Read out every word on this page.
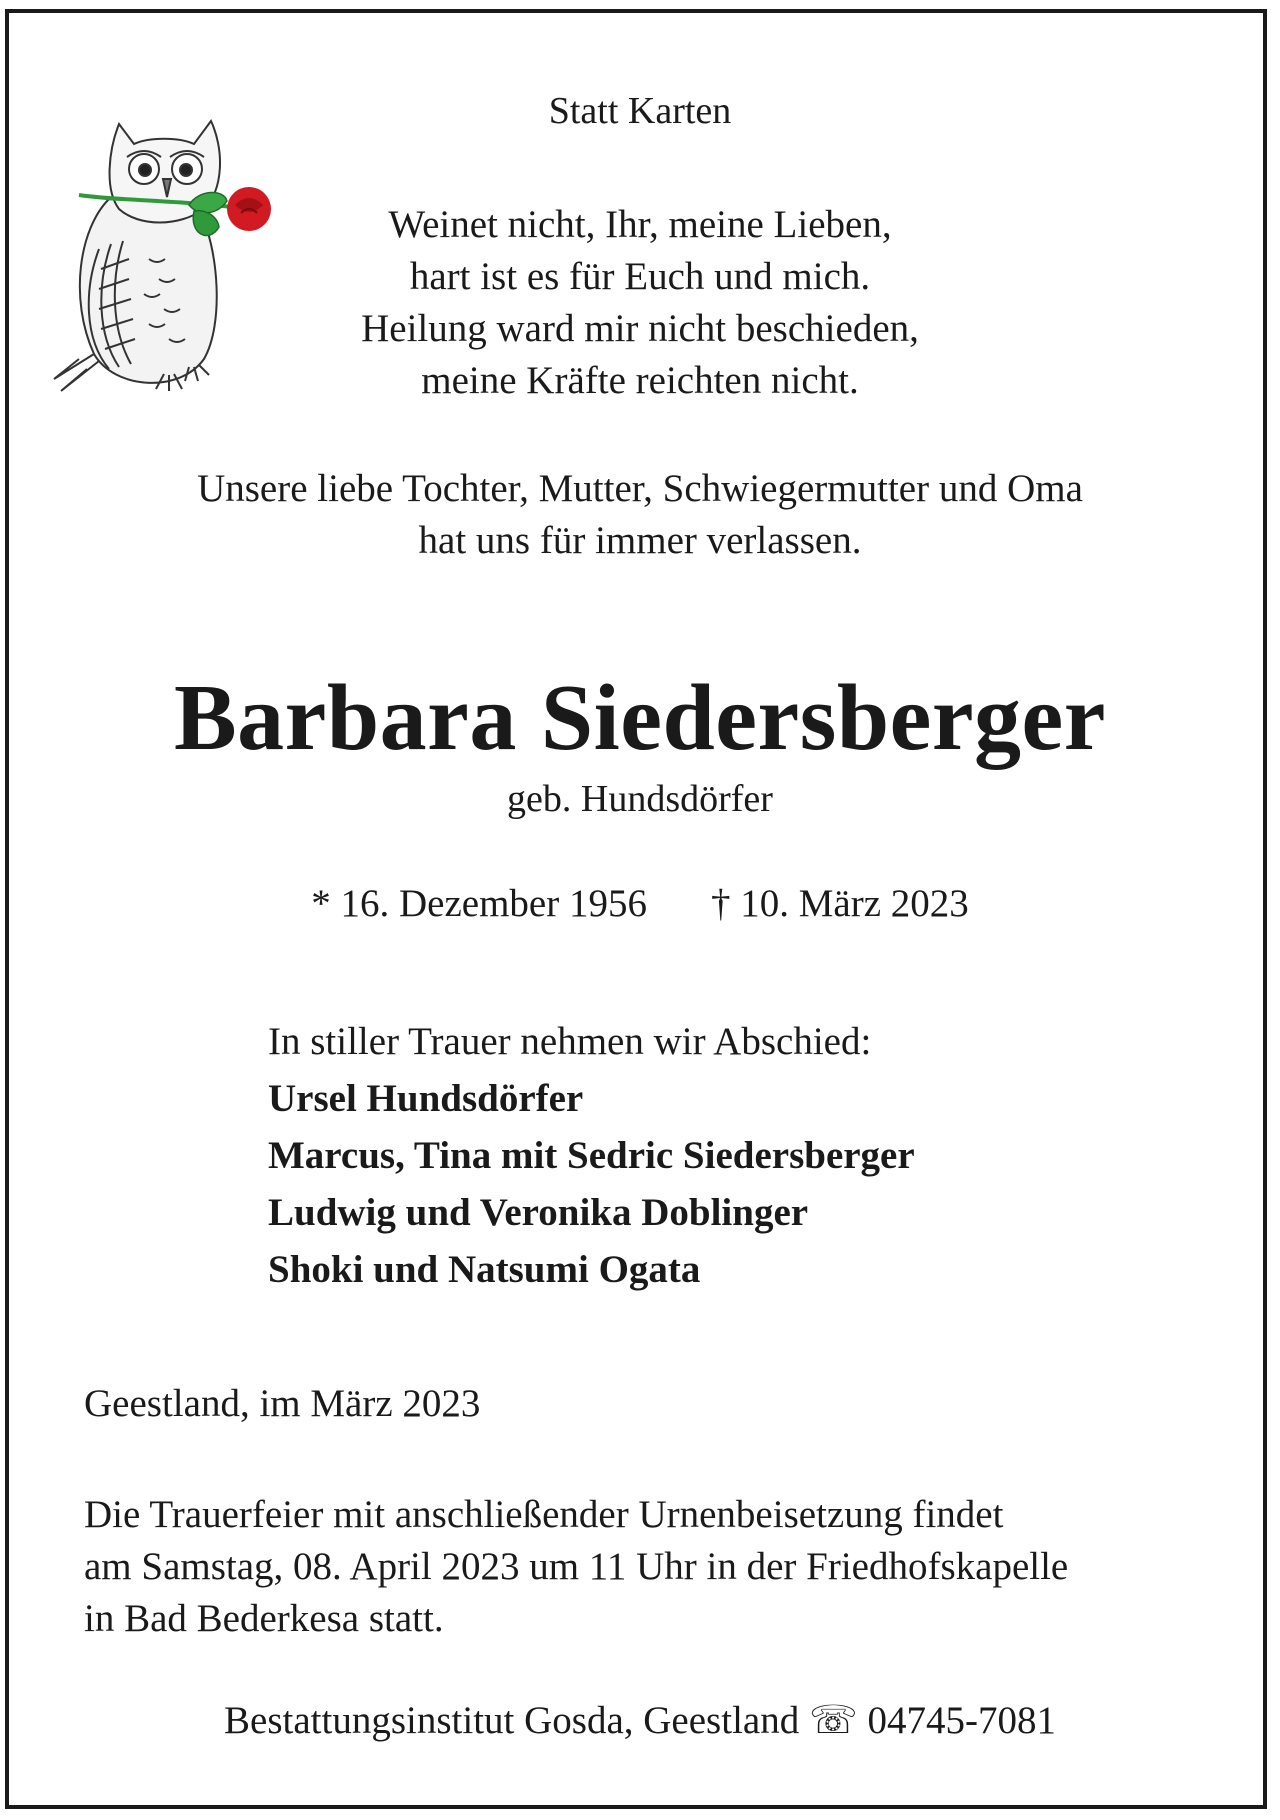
Statt Karten
Weinet nicht, Ihr, meine Lieben,
hart ist es für Euch und mich.
Heilung ward mir nicht beschieden,
meine Kräfte reichten nicht.
Unsere liebe Tochter, Mutter, Schwiegermutter und Oma
hat uns für immer verlassen.
Barbara Siedersberger
geb. Hundsdörfer
* 16. Dezember 1956 † 10. März 2023
In stiller Trauer nehmen wir Abschied:
Ursel Hundsdörfer
Marcus, Tina mit Sedric Siedersberger
Ludwig und Veronika Doblinger
Shoki und Natsumi Ogata
Geestland, im März 2023
Die Trauerfeier mit anschließender Urnenbeisetzung findet
am Samstag, 08. April 2023 um 11 Uhr in der Friedhofskapelle
in Bad Bederkesa statt.
Bestattungsinstitut Gosda, Geestland ☏ 04745-7081
